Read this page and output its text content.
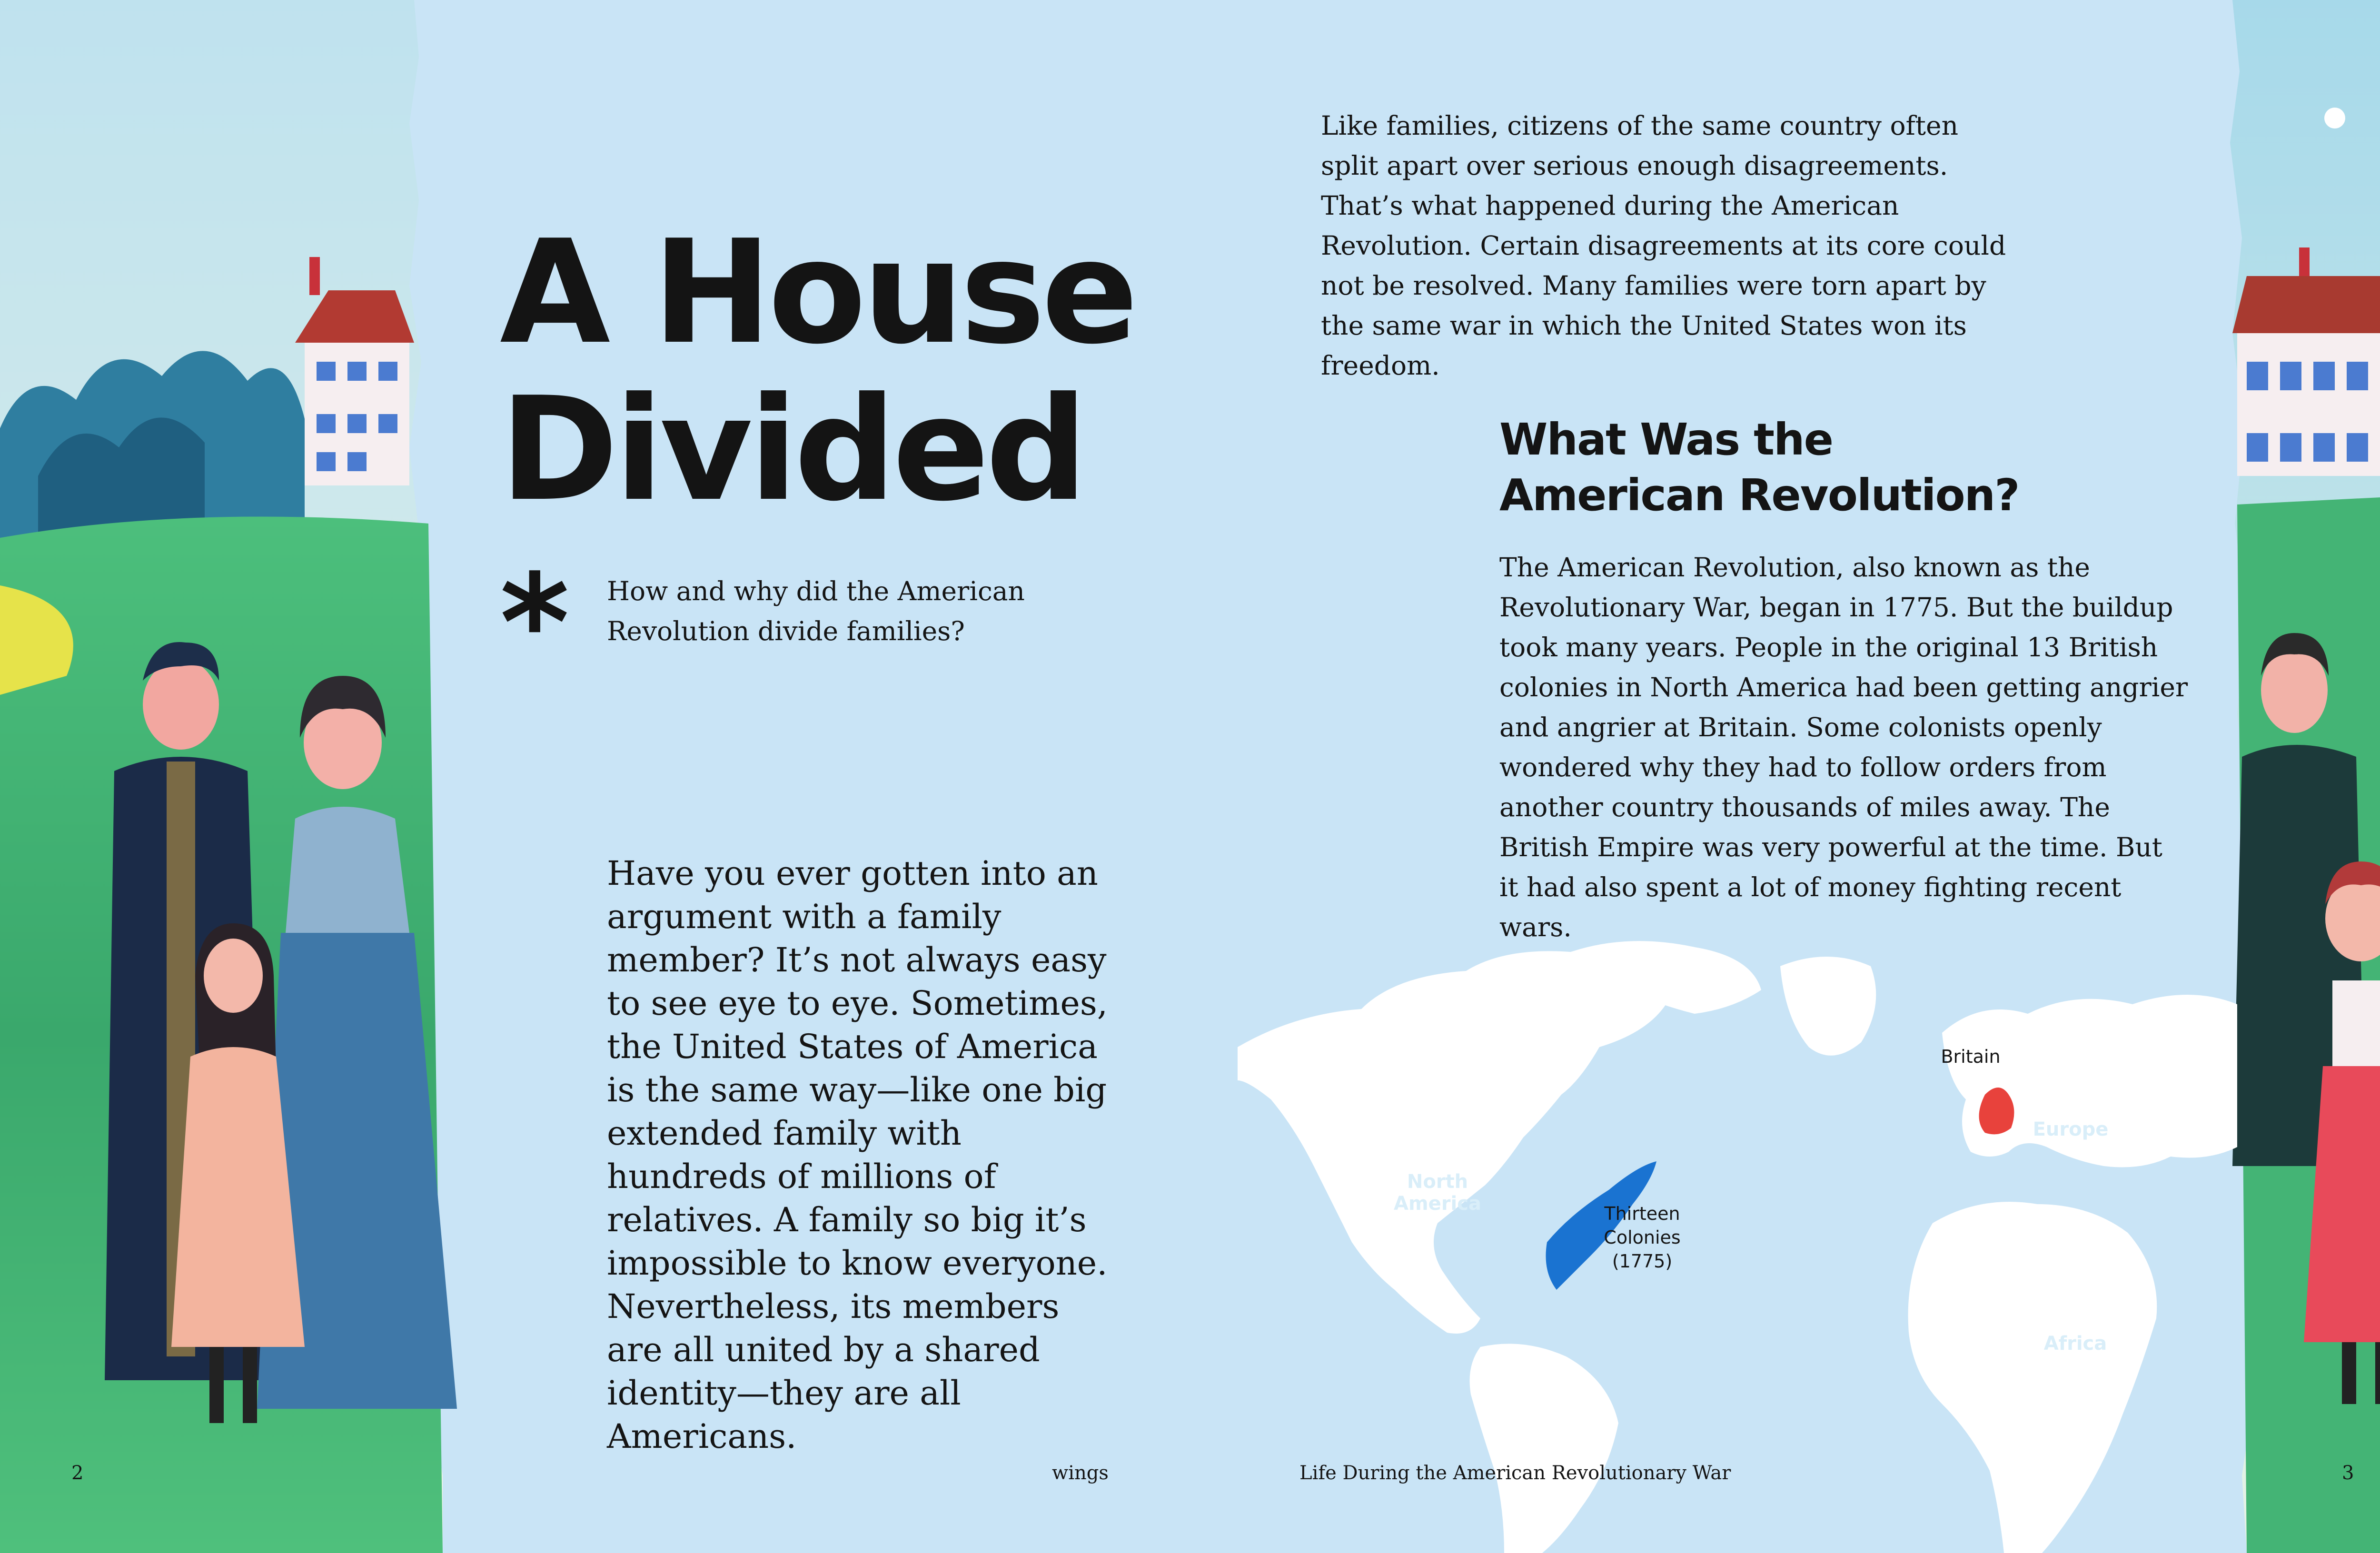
A House
Divided
* How and why did the American Revolution divide families?

Have you ever gotten into an argument with a family member? It’s not always easy to see eye to eye. Sometimes, the United States of America is the same way—like one big extended family with hundreds of millions of relatives. A family so big it’s impossible to know everyone. Nevertheless, its members are all united by a shared identity—they are all Americans.

Like families, citizens of the same country often split apart over serious enough disagreements. That’s what happened during the American Revolution. Certain disagreements at its core could not be resolved. Many families were torn apart by the same war in which the United States won its freedom.

What Was the American Revolution?

The American Revolution, also known as the Revolutionary War, began in 1775. But the buildup took many years. People in the original 13 British colonies in North America had been getting angrier and angrier at Britain. Some colonists openly wondered why they had to follow orders from another country thousands of miles away. The British Empire was very powerful at the time. But it had also spent a lot of money fighting recent wars.

North America	Thirteen Colonies
(1775)
Britain
Europe
Africa
2	wings	Life During the American Revolutionary War	3
